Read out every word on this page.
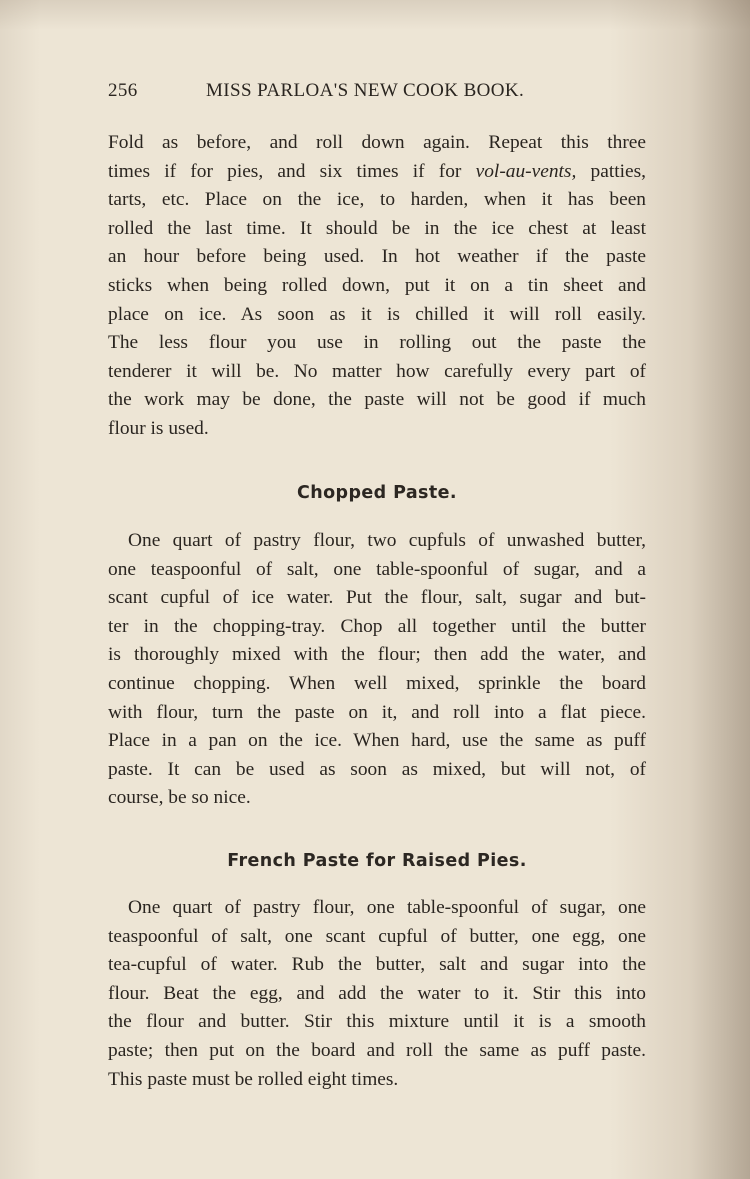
256	MISS PARLOA'S NEW COOK BOOK.
Fold as before, and roll down again. Repeat this three
times if for pies, and six times if for vol-au-vents, patties,
tarts, etc. Place on the ice, to harden, when it has been
rolled the last time. It should be in the ice chest at least
an hour before being used. In hot weather if the paste
sticks when being rolled down, put it on a tin sheet and
place on ice. As soon as it is chilled it will roll easily.
The less flour you use in rolling out the paste the
tenderer it will be. No matter how carefully every part of
the work may be done, the paste will not be good if much
flour is used.
Chopped Paste.
One quart of pastry flour, two cupfuls of unwashed butter,
one teaspoonful of salt, one table-spoonful of sugar, and a
scant cupful of ice water. Put the flour, salt, sugar and but-
ter in the chopping-tray. Chop all together until the butter
is thoroughly mixed with the flour; then add the water, and
continue chopping. When well mixed, sprinkle the board
with flour, turn the paste on it, and roll into a flat piece.
Place in a pan on the ice. When hard, use the same as puff
paste. It can be used as soon as mixed, but will not, of
course, be so nice.
French Paste for Raised Pies.
One quart of pastry flour, one table-spoonful of sugar, one
teaspoonful of salt, one scant cupful of butter, one egg, one
tea-cupful of water. Rub the butter, salt and sugar into the
flour. Beat the egg, and add the water to it. Stir this into
the flour and butter. Stir this mixture until it is a smooth
paste; then put on the board and roll the same as puff paste.
This paste must be rolled eight times.
